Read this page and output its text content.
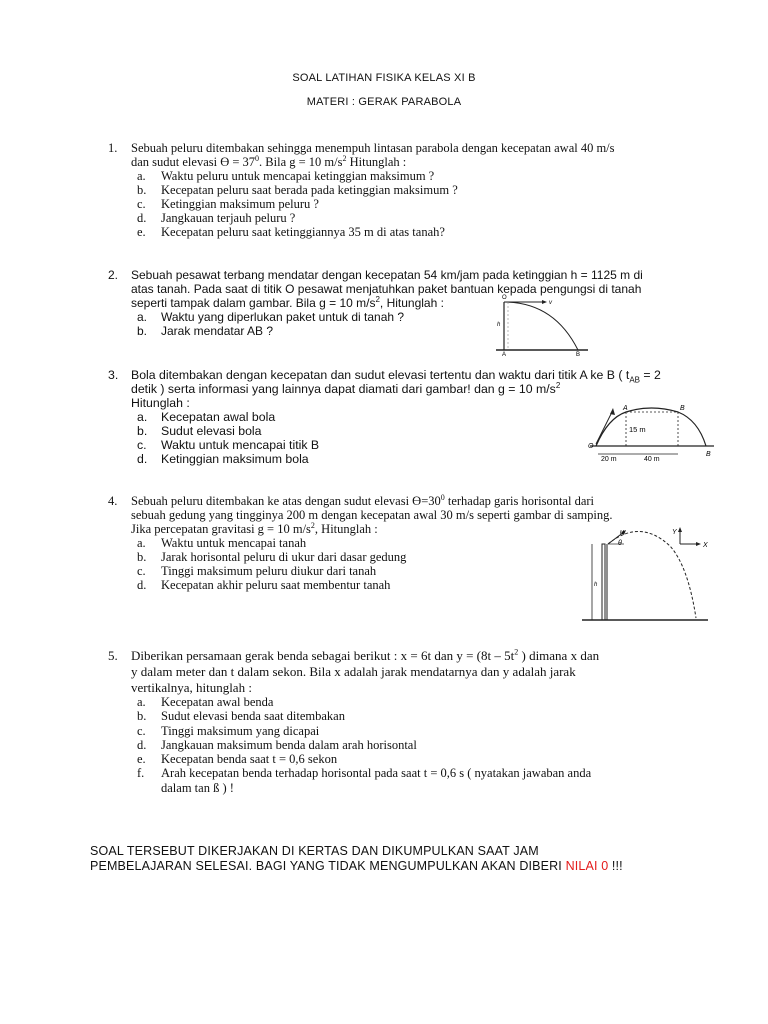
SOAL LATIHAN FISIKA KELAS XI B
MATERI : GERAK PARABOLA
1.	Sebuah peluru ditembakan sehingga menempuh lintasan parabola dengan kecepatan awal 40 m/s
dan sudut elevasi $ϴ = 37^0$. Bila g = 10 $m/s^2$ Hitunglah :
a.	Waktu peluru untuk mencapai ketinggian maksimum ?
b.	Kecepatan peluru saat berada pada ketinggian maksimum ?
c.	Ketinggian maksimum peluru ?
d.	Jangkauan terjauh peluru ?
e.	Kecepatan peluru saat ketinggiannya 35 m di atas tanah?
2.	Sebuah pesawat terbang mendatar dengan kecepatan 54 km/jam pada ketinggian h = 1125 m di
atas tanah. Pada saat di titik O pesawat menjatuhkan paket bantuan kepada pengungsi di tanah
seperti tampak dalam gambar. Bila g = 10 $m/s^2$, Hitunglah :
a.	Waktu yang diperlukan paket untuk di tanah ?
b.	Jarak mendatar AB ?
O
v
h
A	B
3.	Bola ditembakan dengan kecepatan dan sudut elevasi tertentu dan waktu dari titik A ke B ( $t_{AB} = 2$
detik ) serta informasi yang lainnya dapat diamati dari gambar! dan g = 10 $m/s^2$
Hitunglah :
a.	Kecepatan awal bola
b.	Sudut elevasi bola
c.	Waktu untuk mencapai titik B
d.	Ketinggian maksimum bola
A	B
B
O
15 m
20 m	40 m
4.	Sebuah peluru ditembakan ke atas dengan sudut elevasi $ϴ=30^0$ terhadap garis horisontal dari
sebuah gedung yang tingginya 200 m dengan kecepatan awal 30 m/s seperti gambar di samping.
Jika percepatan gravitasi g = 10 $m/s^2$, Hitunglah :
a.	Waktu untuk mencapai tanah
b.	Jarak horisontal peluru di ukur dari dasar gedung
c.	Tinggi maksimum peluru diukur dari tanah
d.	Kecepatan akhir peluru saat membentur tanah
u
θ
Y
X
h
5.	Diberikan persamaan gerak benda sebagai berikut : x = 6t dan $y = (8t - 5t^2$ ) dimana x dan
y dalam meter dan t dalam sekon. Bila x adalah jarak mendatarnya dan y adalah jarak
vertikalnya, hitunglah :
a.	Kecepatan awal benda
b.	Sudut elevasi benda saat ditembakan
c.	Tinggi maksimum yang dicapai
d.	Jangkauan maksimum benda dalam arah horisontal
e.	Kecepatan benda saat t = 0,6 sekon
f.	Arah kecepatan benda terhadap horisontal pada saat t = 0,6 s ( nyatakan jawaban anda
dalam tan ß ) !
SOAL TERSEBUT DIKERJAKAN DI KERTAS DAN DIKUMPULKAN SAAT JAM
PEMBELAJARAN SELESAI. BAGI YANG TIDAK MENGUMPULKAN AKAN DIBERI NILAI 0 !!!
